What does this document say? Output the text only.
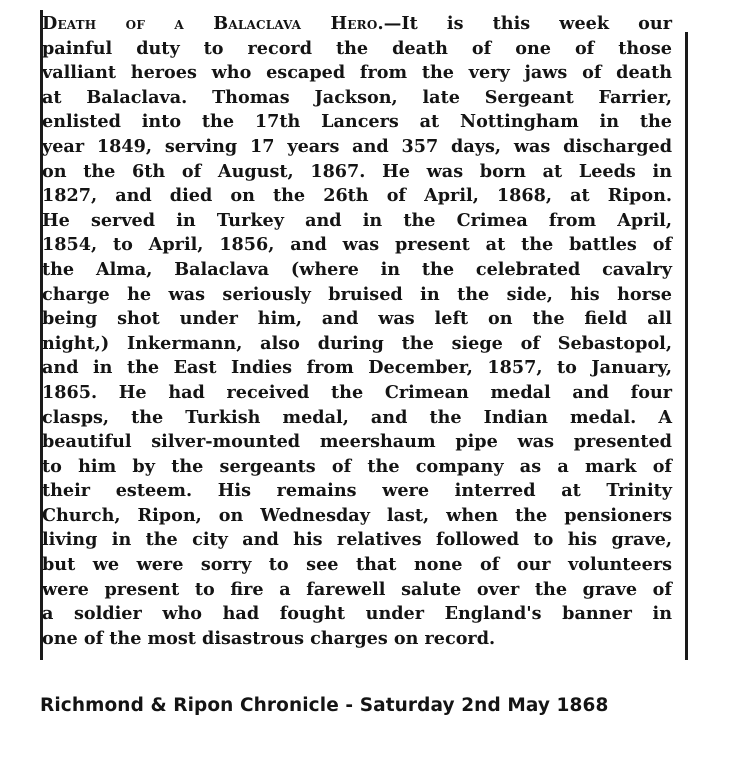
Death of a Balaclava Hero.—It is this week our
painful duty to record the death of one of those
valliant heroes who escaped from the very jaws of death
at Balaclava. Thomas Jackson, late Sergeant Farrier,
enlisted into the 17th Lancers at Nottingham in the
year 1849, serving 17 years and 357 days, was discharged
on the 6th of August, 1867. He was born at Leeds in
1827, and died on the 26th of April, 1868, at Ripon.
He served in Turkey and in the Crimea from April,
1854, to April, 1856, and was present at the battles of
the Alma, Balaclava (where in the celebrated cavalry
charge he was seriously bruised in the side, his horse
being shot under him, and was left on the field all
night,) Inkermann, also during the siege of Sebastopol,
and in the East Indies from December, 1857, to January,
1865. He had received the Crimean medal and four
clasps, the Turkish medal, and the Indian medal. A
beautiful silver-mounted meershaum pipe was presented
to him by the sergeants of the company as a mark of
their esteem. His remains were interred at Trinity
Church, Ripon, on Wednesday last, when the pensioners
living in the city and his relatives followed to his grave,
but we were sorry to see that none of our volunteers
were present to fire a farewell salute over the grave of
a soldier who had fought under England's banner in
one of the most disastrous charges on record.

Richmond & Ripon Chronicle - Saturday 2nd May 1868
